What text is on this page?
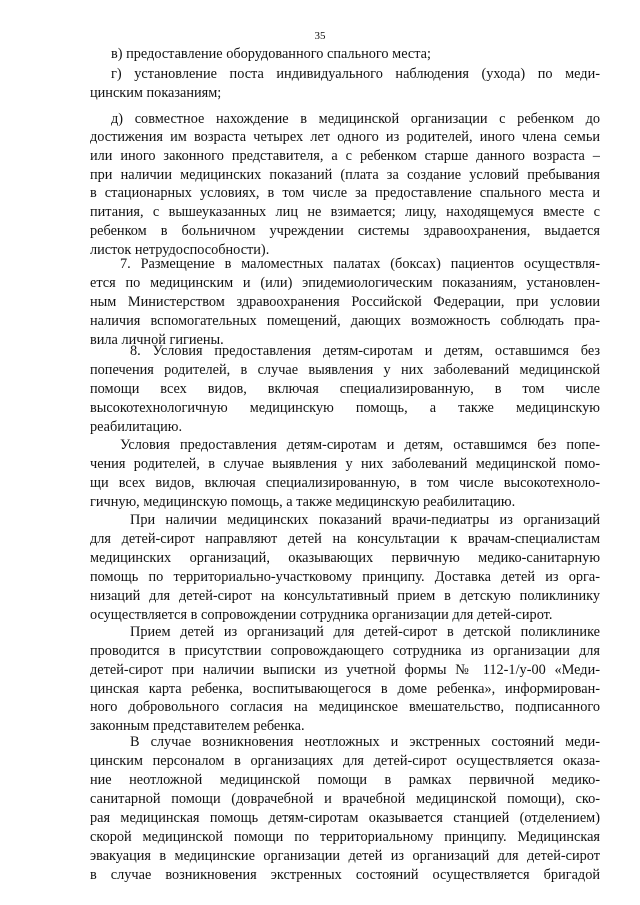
35
в) предоставление оборудованного спального места;
г) установление поста индивидуального наблюдения (ухода) по меди-
цинским показаниям;
д) совместное нахождение в медицинской организации с ребенком до
достижения им возраста четырех лет одного из родителей, иного члена семьи
или иного законного представителя, а с ребенком старше данного возраста –
при наличии медицинских показаний (плата за создание условий пребывания
в стационарных условиях, в том числе за предоставление спального места и
питания, с вышеуказанных лиц не взимается; лицу, находящемуся вместе с
ребенком в больничном учреждении системы здравоохранения, выдается
листок нетрудоспособности).
7. Размещение в маломестных палатах (боксах) пациентов осуществля-
ется по медицинским и (или) эпидемиологическим показаниям, установлен-
ным Министерством здравоохранения Российской Федерации, при условии
наличия вспомогательных помещений, дающих возможность соблюдать пра-
вила личной гигиены.
8. Условия предоставления детям-сиротам и детям, оставшимся без
попечения родителей, в случае выявления у них заболеваний медицинской
помощи всех видов, включая специализированную, в том числе
высокотехнологичную медицинскую помощь, а также медицинскую
реабилитацию.
Условия предоставления детям-сиротам и детям, оставшимся без попе-
чения родителей, в случае выявления у них заболеваний медицинской помо-
щи всех видов, включая специализированную, в том числе высокотехноло-
гичную, медицинскую помощь, а также медицинскую реабилитацию.
При наличии медицинских показаний врачи-педиатры из организаций
для детей-сирот направляют детей на консультации к врачам-специалистам
медицинских организаций, оказывающих первичную медико-санитарную
помощь по территориально-участковому принципу. Доставка детей из орга-
низаций для детей-сирот на консультативный прием в детскую поликлинику
осуществляется в сопровождении сотрудника организации для детей-сирот.
Прием детей из организаций для детей-сирот в детской поликлинике
проводится в присутствии сопровождающего сотрудника из организации для
детей-сирот при наличии выписки из учетной формы № 112-1/у-00 «Меди-
цинская карта ребенка, воспитывающегося в доме ребенка», информирован-
ного добровольного согласия на медицинское вмешательство, подписанного
законным представителем ребенка.
В случае возникновения неотложных и экстренных состояний меди-
цинским персоналом в организациях для детей-сирот осуществляется оказа-
ние неотложной медицинской помощи в рамках первичной медико-
санитарной помощи (доврачебной и врачебной медицинской помощи), ско-
рая медицинская помощь детям-сиротам оказывается станцией (отделением)
скорой медицинской помощи по территориальному принципу. Медицинская
эвакуация в медицинские организации детей из организаций для детей-сирот
в случае возникновения экстренных состояний осуществляется бригадой
